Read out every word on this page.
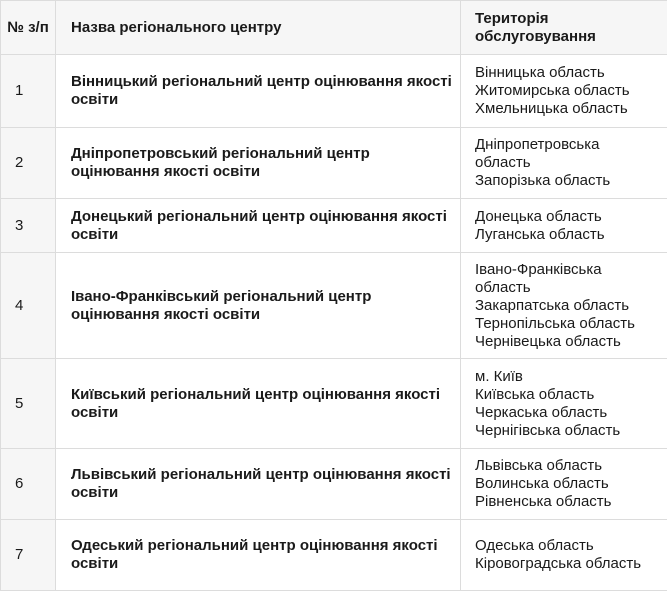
№ з/п	Назва регіонального центру	Територія обслуговування
1	Вінницький регіональний центр оцінювання якості освіти	Вінницька область
Житомирська область
Хмельницька область

2	Дніпропетровський регіональний центр оцінювання якості освіти	Дніпропетровська область
Запорізька область

3	Донецький регіональний центр оцінювання якості освіти	Донецька область
Луганська область

4	Івано-Франківський регіональний центр оцінювання якості освіти	Івано-Франківська область
Закарпатська область
Тернопільська область
Чернівецька область

5	Київський регіональний центр оцінювання якості освіти	м. Київ
Київська область
Черкаська область
Чернігівська область

6	Львівський регіональний центр оцінювання якості освіти	Львівська область
Волинська область
Рівненська область

7	Одеський регіональний центр оцінювання якості освіти	Одеська область
Кіровоградська область
